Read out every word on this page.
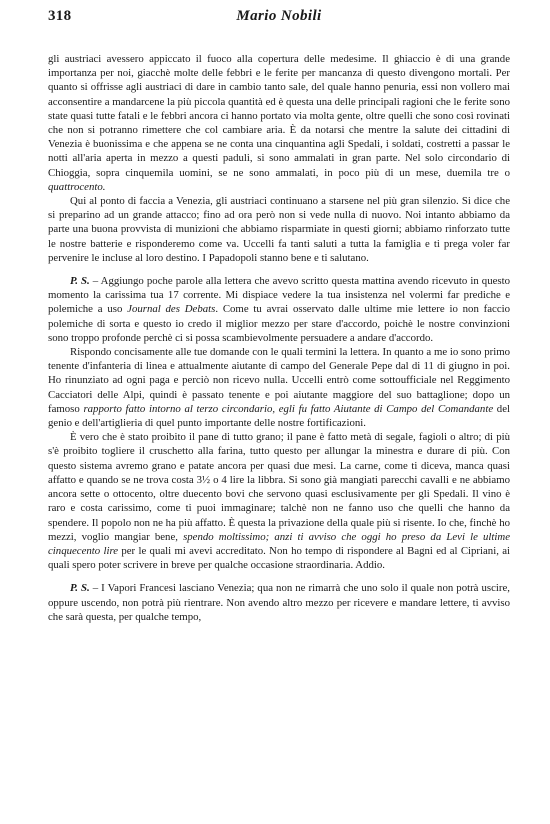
318	Mario Nobili

gli austriaci avessero appiccato il fuoco alla copertura delle medesime. Il ghiaccio è di una grande importanza per noi, giacchè molte delle febbri e le ferite per mancanza di questo divengono mortali. Per quanto si offrisse agli austriaci di dare in cambio tanto sale, del quale hanno penuria, essi non vollero mai acconsentire a mandarcene la più piccola quantità ed è questa una delle principali ragioni che le ferite sono state quasi tutte fatali e le febbri ancora ci hanno portato via molta gente, oltre quelli che sono così rovinati che non si potranno rimettere che col cambiare aria. È da notarsi che mentre la salute dei cittadini di Venezia è buonissima e che appena se ne conta una cinquantina agli Spedali, i soldati, costretti a passar le notti all'aria aperta in mezzo a questi paduli, si sono ammalati in gran parte. Nel solo circondario di Chioggia, sopra cinquemila uomini, se ne sono ammalati, in poco più di un mese, duemila tre o quattrocento.

Qui al ponto di faccia a Venezia, gli austriaci continuano a starsene nel più gran silenzio. Si dice che si preparino ad un grande attacco; fino ad ora però non si vede nulla di nuovo. Noi intanto abbiamo da parte una buona provvista di munizioni che abbiamo risparmiate in questi giorni; abbiamo rinforzato tutte le nostre batterie e risponderemo come va. Uccelli fa tanti saluti a tutta la famiglia e ti prega voler far pervenire le incluse al loro destino. I Papadopoli stanno bene e ti salutano.

P. S. – Aggiungo poche parole alla lettera che avevo scritto questa mattina avendo ricevuto in questo momento la carissima tua 17 corrente. Mi dispiace vedere la tua insistenza nel volermi far prediche e polemiche a uso Journal des Debats. Come tu avrai osservato dalle ultime mie lettere io non faccio polemiche di sorta e questo io credo il miglior mezzo per stare d'accordo, poichè le nostre convinzioni sono troppo profonde perchè ci si possa scambievolmente persuadere a andare d'accordo.

Rispondo concisamente alle tue domande con le quali termini la lettera. In quanto a me io sono primo tenente d'infanteria di linea e attualmente aiutante di campo del Generale Pepe dal di 11 di giugno in poi. Ho rinunziato ad ogni paga e perciò non ricevo nulla. Uccelli entrò come sottoufficiale nel Reggimento Cacciatori delle Alpi, quindi è passato tenente e poi aiutante maggiore del suo battaglione; dopo un famoso rapporto fatto intorno al terzo circondario, egli fu fatto Aiutante di Campo del Comandante del genio e dell'artiglieria di quel punto importante delle nostre fortificazioni.

È vero che è stato proibito il pane di tutto grano; il pane è fatto metà di segale, fagioli o altro; di più s'è proibito togliere il cruschetto alla farina, tutto questo per allungar la minestra e durare di più. Con questo sistema avremo grano e patate ancora per quasi due mesi. La carne, come ti diceva, manca quasi affatto e quando se ne trova costa 3½ o 4 lire la libbra. Si sono già mangiati parecchi cavalli e ne abbiamo ancora sette o ottocento, oltre duecento bovi che servono quasi esclusivamente per gli Spedali. Il vino è raro e costa carissimo, come ti puoi immaginare; talchè non ne fanno uso che quelli che hanno da spendere. Il popolo non ne ha più affatto. È questa la privazione della quale più si risente. Io che, finchè ho mezzi, voglio mangiar bene, spendo moltissimo; anzi ti avviso che oggi ho preso da Levi le ultime cinquecento lire per le quali mi avevi accreditato. Non ho tempo di rispondere al Bagni ed al Cipriani, ai quali spero poter scrivere in breve per qualche occasione straordinaria. Addio.

P. S. – I Vapori Francesi lasciano Venezia; qua non ne rimarrà che uno solo il quale non potrà uscire, oppure uscendo, non potrà più rientrare. Non avendo altro mezzo per ricevere e mandare lettere, ti avviso che sarà questa, per qualche tempo,
